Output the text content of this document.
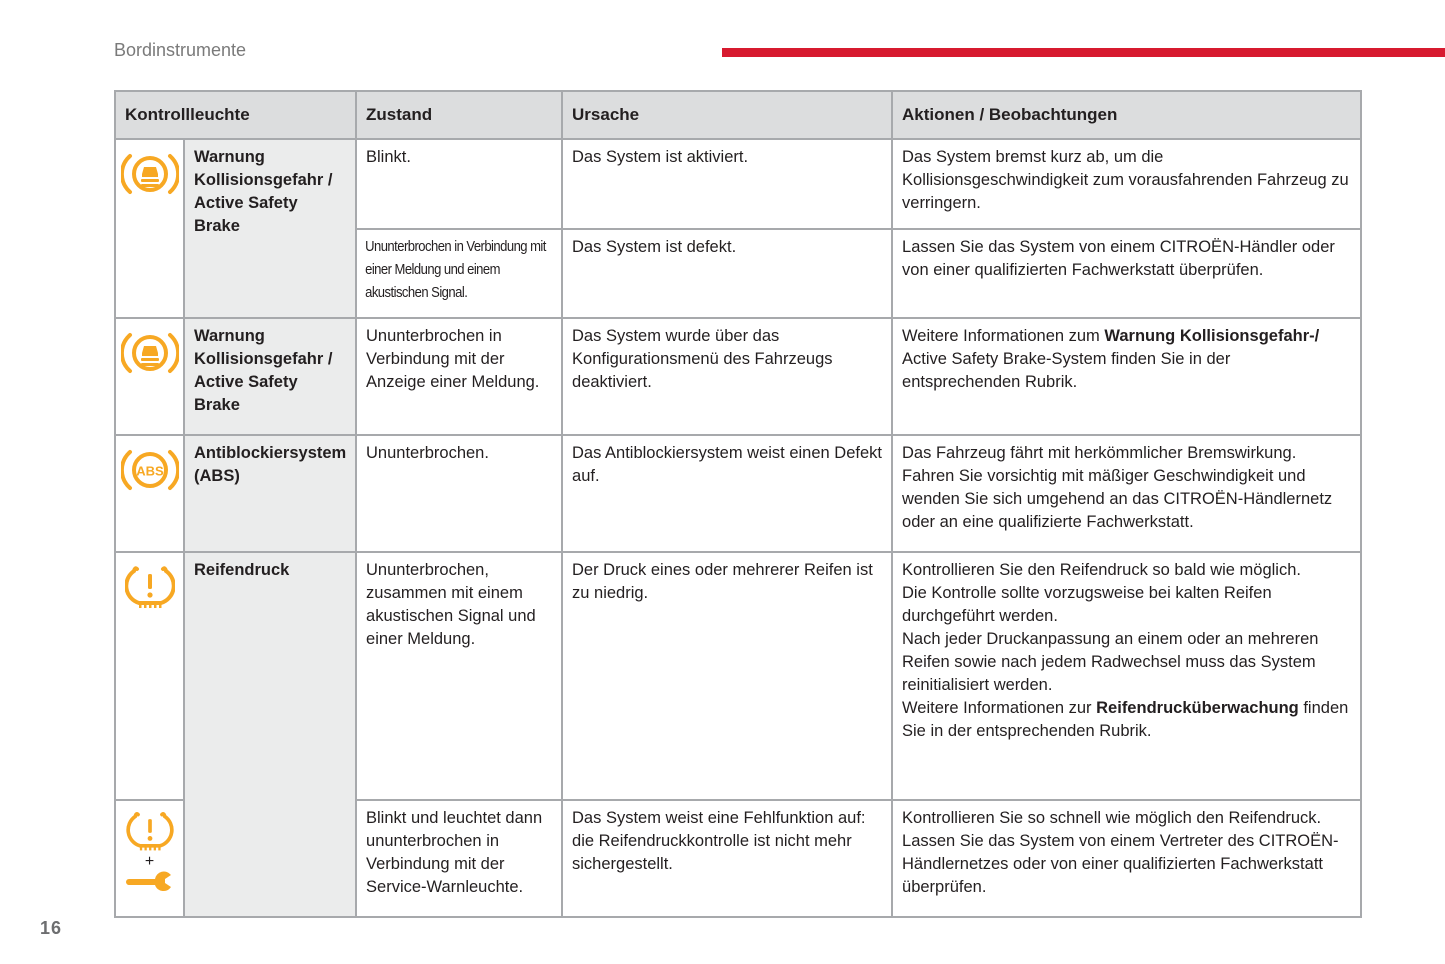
Bordinstrumente
Kontrollleuchte		Zustand	Ursache	Aktionen / Beobachtungen

Warnung Kollisionsgefahr / Active Safety Brake	Blinkt.	Das System ist aktiviert.	Das System bremst kurz ab, um die Kollisionsgeschwindigkeit zum vorausfahrenden Fahrzeug zu verringern.

		Ununterbrochen in Verbindung mit einer Meldung und einem akustischen Signal.	Das System ist defekt.	Lassen Sie das System von einem CITROËN-Händler oder von einer qualifizierten Fachwerkstatt überprüfen.

Warnung Kollisionsgefahr / Active Safety Brake	Ununterbrochen in Verbindung mit der Anzeige einer Meldung.	Das System wurde über das Konfigurationsmenü des Fahrzeugs deaktiviert.	Weitere Informationen zum Warnung Kollisionsgefahr-/ Active Safety Brake-System finden Sie in der entsprechenden Rubrik.

ABS	Antiblockiersystem (ABS)	Ununterbrochen.	Das Antiblockiersystem weist einen Defekt auf.	Das Fahrzeug fährt mit herkömmlicher Bremswirkung. Fahren Sie vorsichtig mit mäßiger Geschwindigkeit und wenden Sie sich umgehend an das CITROËN-Händlernetz oder an eine qualifizierte Fachwerkstatt.

Reifendruck	Ununterbrochen, zusammen mit einem akustischen Signal und einer Meldung.	Der Druck eines oder mehrerer Reifen ist zu niedrig.	Kontrollieren Sie den Reifendruck so bald wie möglich.
Die Kontrolle sollte vorzugsweise bei kalten Reifen durchgeführt werden.
Nach jeder Druckanpassung an einem oder an mehreren Reifen sowie nach jedem Radwechsel muss das System reinitialisiert werden.
Weitere Informationen zur Reifendrucküberwachung finden Sie in der entsprechenden Rubrik.

+		Blinkt und leuchtet dann ununterbrochen in Verbindung mit der Service-Warnleuchte.	Das System weist eine Fehlfunktion auf: die Reifendruckkontrolle ist nicht mehr sichergestellt.	Kontrollieren Sie so schnell wie möglich den Reifendruck. Lassen Sie das System von einem Vertreter des CITROËN-Händlernetzes oder von einer qualifizierten Fachwerkstatt überprüfen.
16
